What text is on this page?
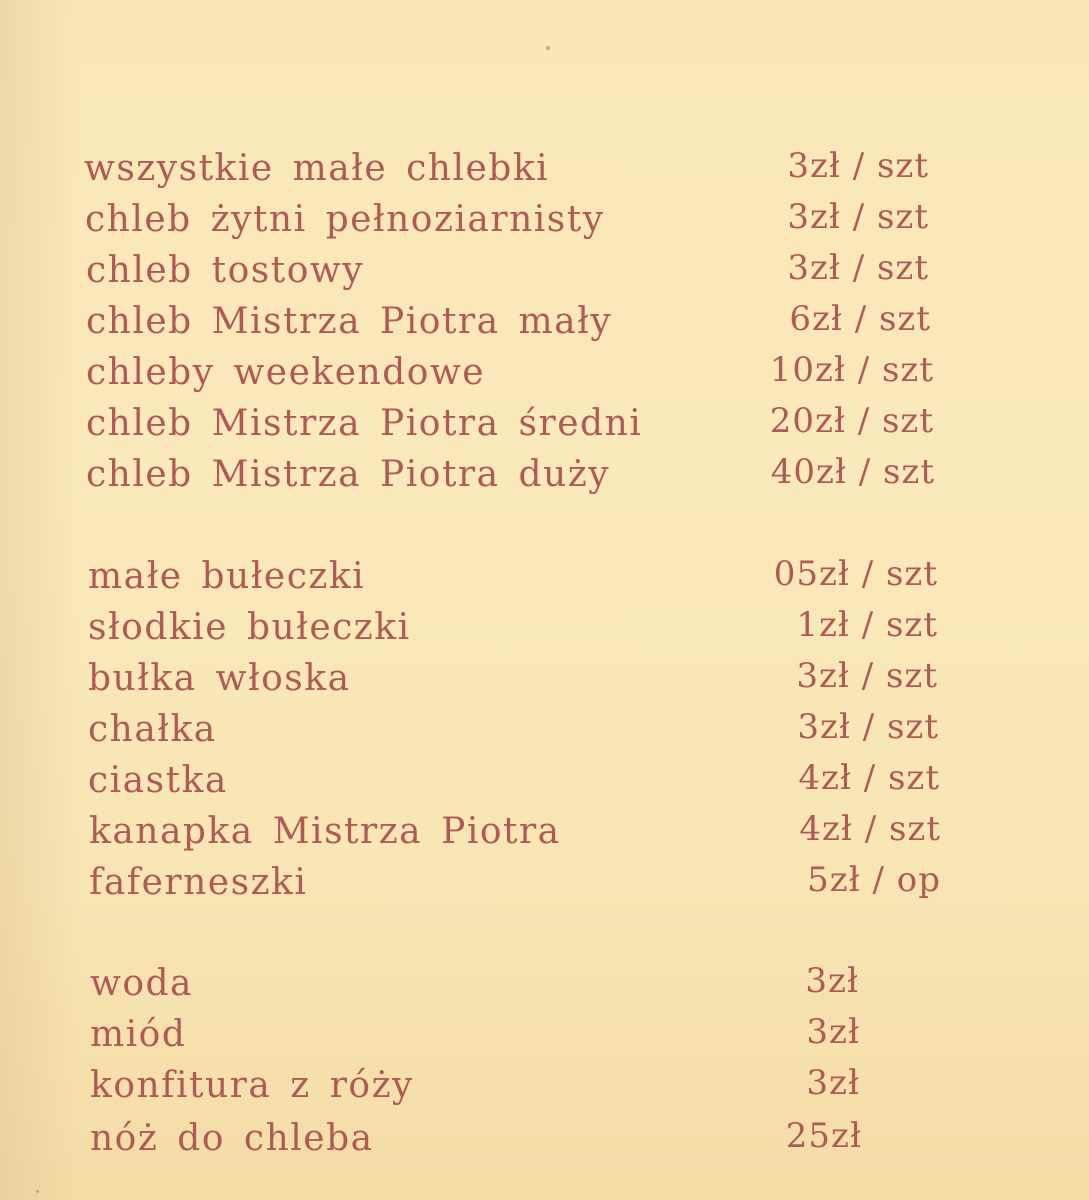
wszystkie małe chlebki	3zł / szt
chleb żytni pełnoziarnisty	3zł / szt
chleb tostowy	3zł / szt
chleb Mistrza Piotra mały	6zł / szt
chleby weekendowe	10zł / szt
chleb Mistrza Piotra średni	20zł / szt
chleb Mistrza Piotra duży	40zł / szt
małe bułeczki	05zł / szt
słodkie bułeczki	1zł / szt
bułka włoska	3zł / szt
chałka	3zł / szt
ciastka	4zł / szt
kanapka Mistrza Piotra	4zł / szt
faferneszki	5zł / op
woda	3zł
miód	3zł
konfitura z róży	3zł
nóż do chleba	25zł
